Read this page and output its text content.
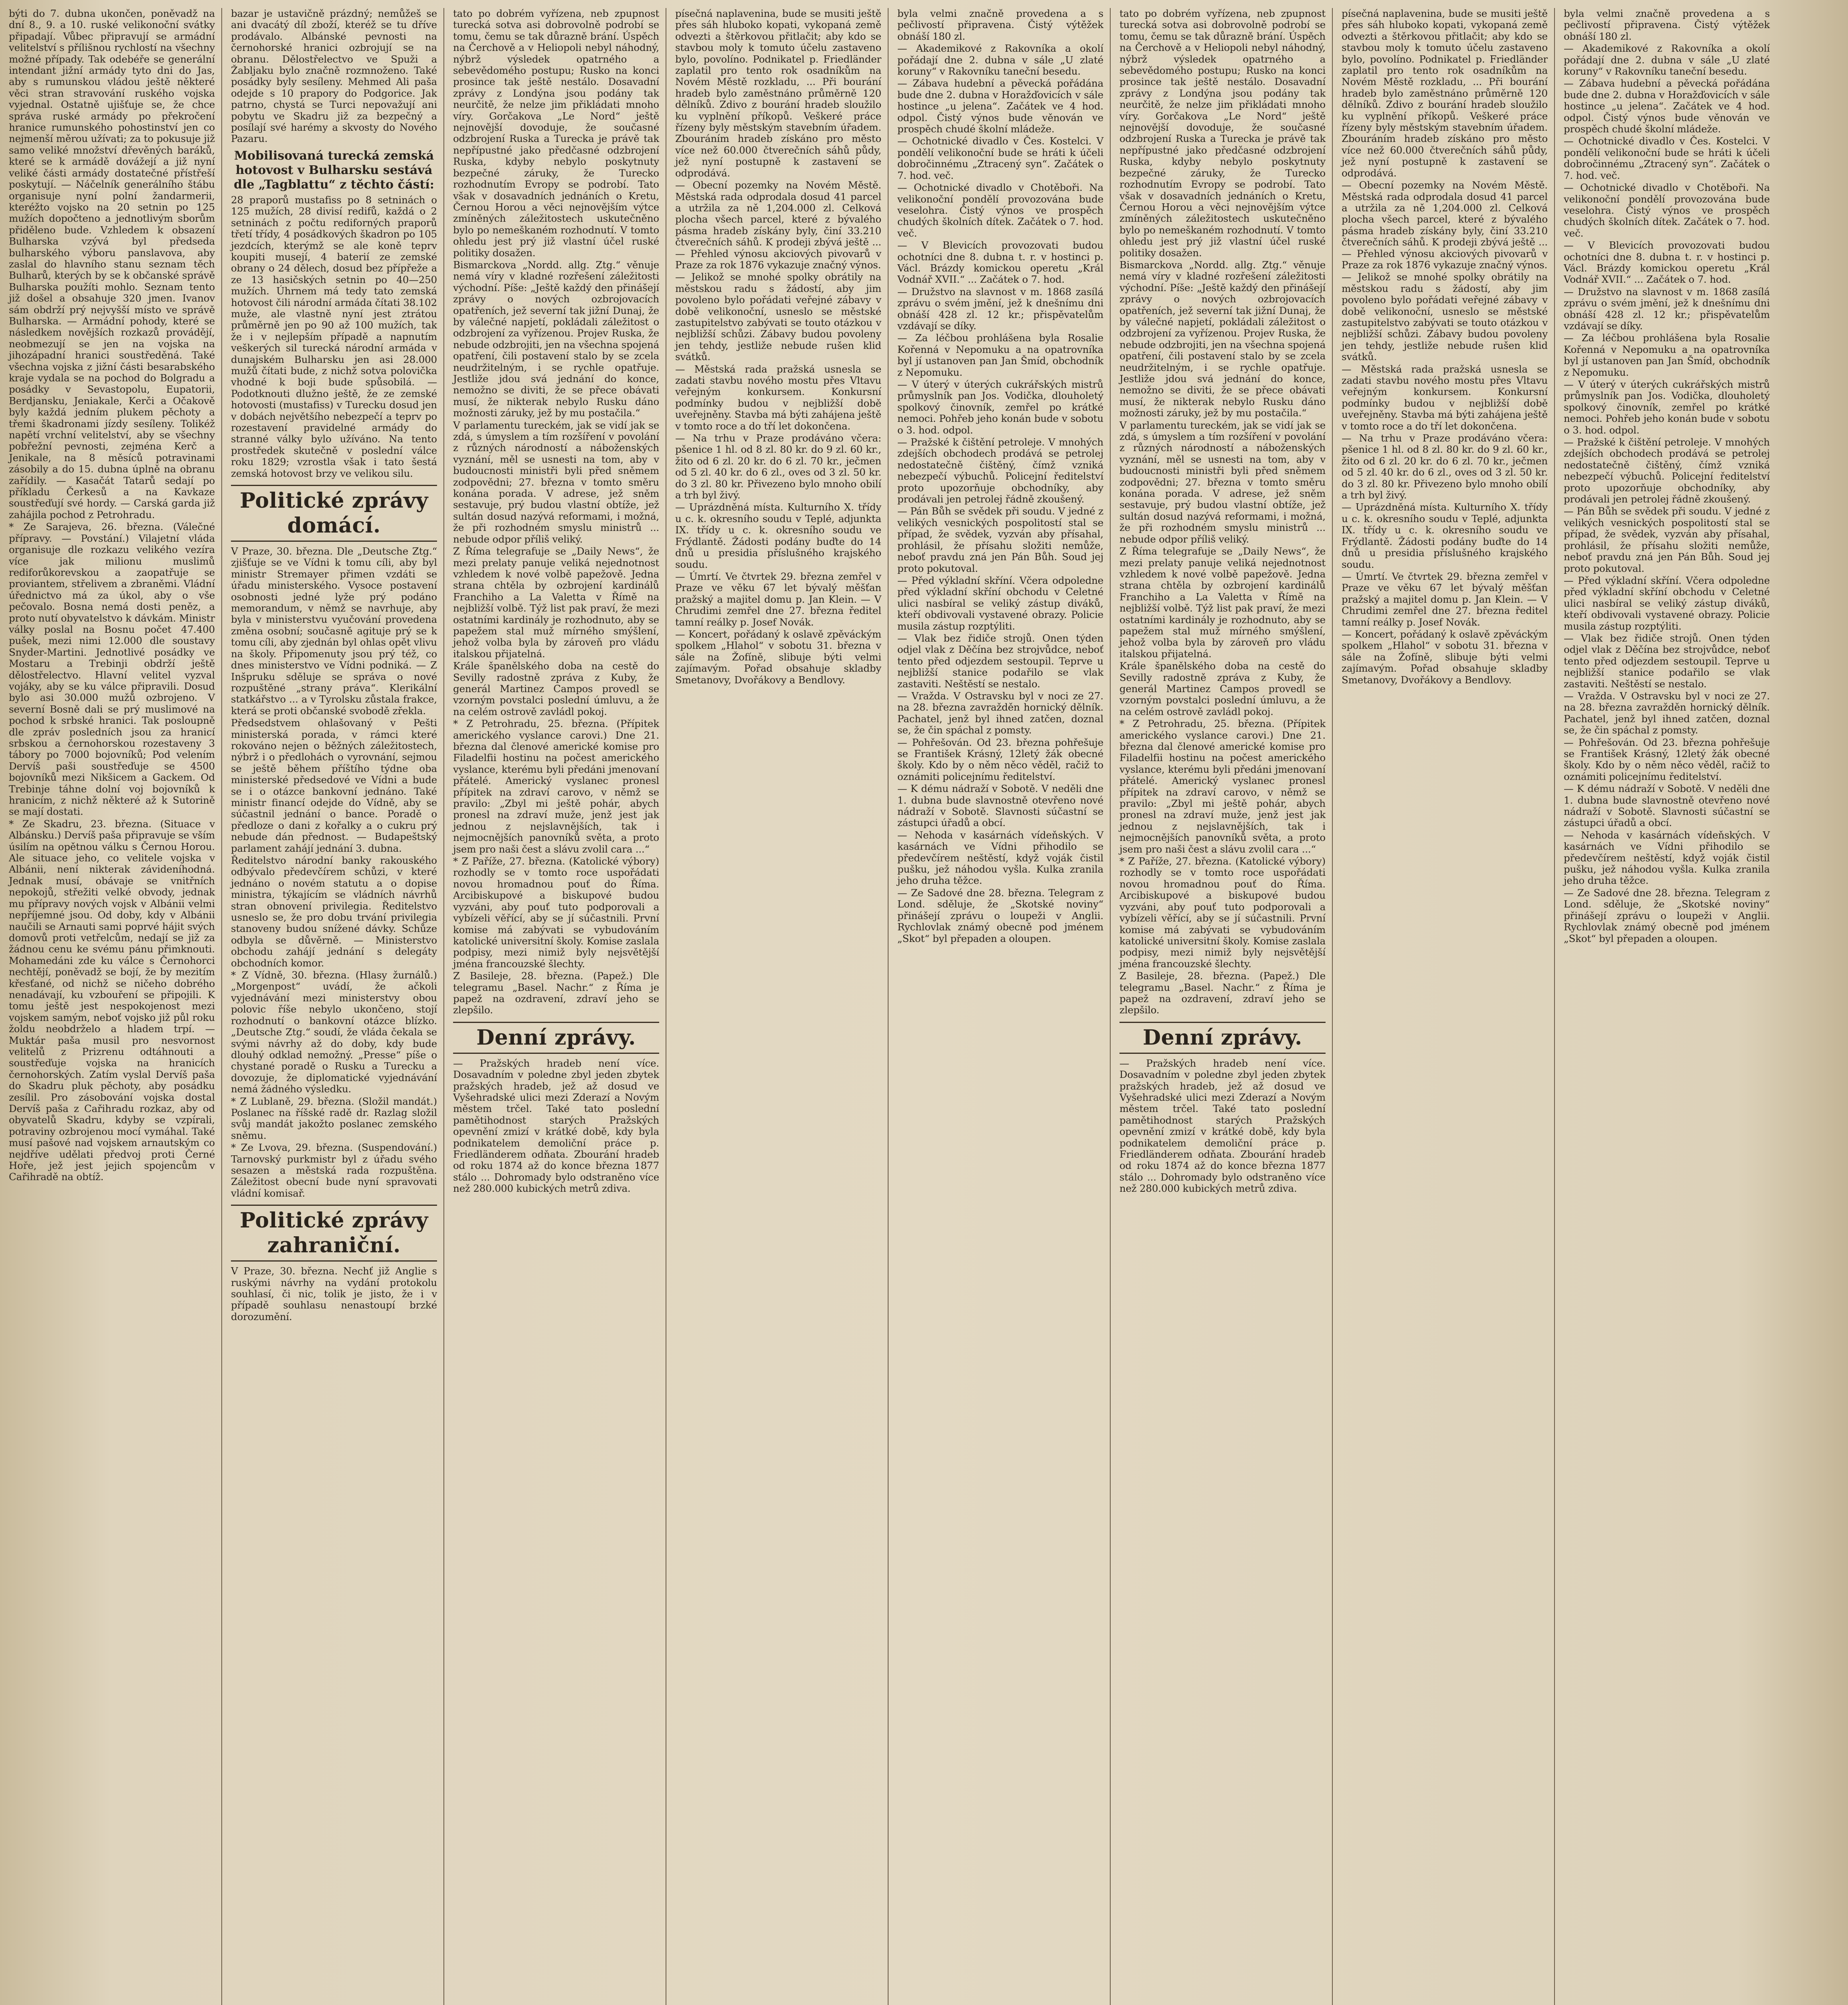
býti do 7. dubna ukončen, poněvadž na dní 8., 9. a 10. ruské velikonoční svátky připadají. Vůbec připravují se armádní velitelství s přílišnou rychlostí na všechny možné případy. Tak odebéře se generální intendant jižní armády tyto dni do Jas, aby s rumunskou vládou ještě některé věci stran stravování ruského vojska vyjednal. Ostatně ujišťuje se, že chce správa ruské armády po překročení hranice rumunského pohostinství jen co nejmenší měrou užívati; za to pokusuje již samo veliké množství dřevěných baráků, které se k armádě dovážejí a již nyní veliké části armády dostatečné přístřeší poskytují. — Náčelník generálního štábu organisuje nyní polní žandarmerii, kteréžto vojsko na 20 setnin po 125 mužích dopočteno a jednotlivým sborům přiděleno bude. Vzhledem k obsazení Bulharska vzývá byl předseda bulharského výboru panslavova, aby zaslal do hlavního stanu seznam těch Bulharů, kterých by se k občanské správě Bulharska použíti mohlo. Seznam tento již došel a obsahuje 320 jmen. Ivanov sám obdrží prý nejvyšší místo ve správě Bulharska. — Armádní pohody, které se následkem novějších rozkazů provádějí, neobmezují se jen na vojska na jihozápadní hranici soustředěná. Také všechna vojska z jižní části besarabského kraje vydala se na pochod do Bolgradu a posádky v Sevastopolu, Eupatorii, Berdjansku, Jeniakale, Kerči a Očakově byly každá jedním plukem pěchoty a třemi škadronami jízdy sesíleny. Tolikéž napětí vrchní velitelství, aby se všechny pobřežní pevnosti, zejména Kerč a Jenikale, na 8 měsíců potravinami zásobily a do 15. dubna úplně na obranu zařídily. — Kasačát Tatarů sedají po příkladu Čerkesů a na Kavkaze soustřeďují své hordy. — Carská garda již zahájila pochod z Petrohradu.

* Ze Sarajeva, 26. března. (Válečné přípravy. — Povstání.) Vilajetní vláda organisuje dle rozkazu velikého vezíra více jak milionu muslimů rediforůkorevskou a zaopatřuje se proviantem, střelivem a zbraněmi. Vládní úřednictvo má za úkol, aby o vše pečovalo. Bosna nemá dosti peněz, a proto nutí obyvatelstvo k dávkám. Ministr války poslal na Bosnu počet 47.400 pušek, mezi nimi 12.000 dle soustavy Snyder-Martini. Jednotlivé posádky ve Mostaru a Trebinji obdrží ještě dělostřelectvo. Hlavní velitel vyzval vojáky, aby se ku válce připravili. Dosud bylo asi 30.000 mužů ozbrojeno. V severní Bosně dali se prý muslimové na pochod k srbské hranici. Tak posloupně dle zpráv posledních jsou za hranicí srbskou a černohorskou rozestaveny 3 tábory po 7000 bojovníků; Pod velením Dervíš paši soustřeďuje se 4500 bojovníků mezi Nikšicem a Gackem. Od Trebinje táhne dolní voj bojovníků k hranicím, z nichž některé až k Sutorině se mají dostati.

* Ze Skadru, 23. března. (Situace v Albánsku.) Dervíš paša připravuje se vším úsilím na opětnou válku s Černou Horou. Ale situace jeho, co velitele vojska v Albánii, není nikterak závideníhodná. Jednak musí, obávaje se vnitřních nepokojů, střežiti velké obvody, jednak mu přípravy nových vojsk v Albánii velmi nepříjemné jsou. Od doby, kdy v Albánii naučili se Arnauti sami poprvé hájit svých domovů proti vetřelcům, nedají se již za žádnou cenu ke svému pánu přimknouti. Mohamedáni zde ku válce s Černohorci nechtějí, poněvadž se bojí, že by mezitím křesťané, od nichž se ničeho dobrého nenadávají, ku vzbouření se připojili. K tomu ještě jest nespokojenost mezi vojskem samým, neboť vojsko již půl roku žoldu neobdrželo a hladem trpí. — Muktár paša musil pro nesvornost velitelů z Prizrenu odtáhnouti a soustřeďuje vojska na hranicích černohorských. Zatím vyslal Dervíš paša do Skadru pluk pěchoty, aby posádku zesílil. Pro zásobování vojska dostal Dervíš paša z Cařihradu rozkaz, aby od obyvatelů Skadru, kdyby se vzpírali, potraviny ozbrojenou mocí vymáhal. Také musí pašové nad vojskem arnautským co nejdříve udělati předvoj proti Černé Hoře, jež jest jejich spojencům v Cařihradě na obtíž.

bazar je ustavičně prázdný; nemůžeš se ani dvacátý díl zboží, kteréž se tu dříve prodávalo. Albánské pevnosti na černohorské hranici ozbrojují se na obranu. Dělostřelectvo ve Spuži a Žabljaku bylo značně rozmnoženo. Také posádky byly sesíleny. Mehmed Ali paša odejde s 10 prapory do Podgorice. Jak patrno, chystá se Turci nepovažují ani pobytu ve Skadru již za bezpečný a posílají své harémy a skvosty do Nového Pazaru.

Mobilisovaná turecká zemská hotovost v Bulharsku sestává dle „Tagblattu“ z těchto částí:

28 praporů mustafiss po 8 setninách o 125 mužích, 28 divisí redifů, každá o 2 setninách z počtu rediforných praporů třetí třídy, 4 posádkových škadron po 105 jezdcích, kterýmž se ale koně teprv koupiti musejí, 4 baterií ze zemské obrany o 24 dělech, dosud bez přípřeže a ze 13 hasičských setnin po 40—250 mužích. Úhrnem má tedy tato zemská hotovost čili národní armáda čítati 38.102 muže, ale vlastně nyní jest ztrátou průměrně jen po 90 až 100 mužích, tak že i v nejlepším případě a napnutím veškerých sil turecká národní armáda v dunajském Bulharsku jen asi 28.000 mužů čítati bude, z nichž sotva polovička vhodné k boji bude spůsobilá. — Podotknouti dlužno ještě, že ze zemské hotovosti (mustafiss) v Turecku dosud jen v dobách největšího nebezpečí a teprv po rozestavení pravidelné armády do stranné války bylo užíváno. Na tento prostředek skutečně v poslední válce roku 1829; vzrostla však i tato šestá zemská hotovost brzy ve velikou silu.

Politické zprávy domácí.

V Praze, 30. března. Dle „Deutsche Ztg.“ zjišťuje se ve Vídni k tomu cíli, aby byl ministr Stremayer přimen vzdáti se úřadu ministerského. Vysoce postavení osobnosti jedné lyže prý podáno memorandum, v němž se navrhuje, aby byla v ministerstvu vyučování provedena změna osobní; současně agituje prý se k tomu cíli, aby zjednán byl ohlas opět vlivu na školy. Připomenuty jsou prý též, co dnes ministerstvo ve Vídni podniká. — Z Inšpruku sděluje se správa o nové rozpuštěné „strany práva“. Klerikální statkářstvo ... a v Tyrolsku zůstala frakce, která se proti občanské svobodě zřekla.

Předsedstvem ohlašovaný v Pešti ministerská porada, v rámci které rokováno nejen o běžných záležitostech, nýbrž i o předlohách o vyrovnání, sejmou se ještě během příštího týdne oba ministerské předsedové ve Vídni a bude se i o otázce bankovní jednáno. Také ministr financí odejde do Vídně, aby se súčastnil jednání o bance. Poradě o předloze o dani z kořalky a o cukru prý nebude dán přednost. — Budapeštský parlament zahájí jednání 3. dubna.

Ředitelstvo národní banky rakouského odbývalo předevčírem schůzi, v které jednáno o novém statutu a o dopise ministra, týkajícím se vládních návrhů stran obnovení privilegia. Ředitelstvo usneslo se, že pro dobu trvání privilegia stanoveny budou snížené dávky. Schůze odbyla se důvěrně. — Ministerstvo obchodu zahájí jednání s delegáty obchodních komor.

* Z Vídně, 30. března. (Hlasy žurnálů.) „Morgenpost“ uvádí, že ačkoli vyjednávání mezi ministerstvy obou polovic říše nebylo ukončeno, stojí rozhodnutí o bankovní otázce blízko. „Deutsche Ztg.“ soudí, že vláda čekala se svými návrhy až do doby, kdy bude dlouhý odklad nemožný. „Presse“ píše o chystané poradě o Rusku a Turecku a dovozuje, že diplomatické vyjednávání nemá žádného výsledku.

* Z Lublaně, 29. března. (Složil mandát.) Poslanec na říšské radě dr. Razlag složil svůj mandát jakožto poslanec zemského sněmu.

* Ze Lvova, 29. března. (Suspendování.) Tarnovský purkmistr byl z úřadu svého sesazen a městská rada rozpuštěna. Záležitost obecní bude nyní spravovati vládní komisař.

Politické zprávy zahraniční.

V Praze, 30. března. Nechť již Anglie s ruskými návrhy na vydání protokolu souhlasí, či nic, tolik je jisto, že i v případě souhlasu nenastoupí brzké dorozumění.

tato po dobrém vyřízena, neb zpupnost turecká sotva asi dobrovolně podrobí se tomu, čemu se tak důrazně brání. Úspěch na Čerchově a v Heliopoli nebyl náhodný, nýbrž výsledek opatrného a sebevědomého postupu; Rusko na konci prosince tak ještě nestálo. Dosavadní zprávy z Londýna jsou podány tak neurčitě, že nelze jim přikládati mnoho víry. Gorčakova „Le Nord“ ještě nejnovější dovoduje, že současné odzbrojení Ruska a Turecka je právě tak nepřípustné jako předčasné odzbrojení Ruska, kdyby nebylo poskytnuty bezpečné záruky, že Turecko rozhodnutím Evropy se podrobí. Tato však v dosavadních jednáních o Kretu, Černou Horou a věci nejnovějším výtce zmíněných záležitostech uskutečněno bylo po nemeškaném rozhodnutí. V tomto ohledu jest prý již vlastní účel ruské politiky dosažen.

Bismarckova „Nordd. allg. Ztg.“ věnuje nemá víry v kladné rozřešení záležitosti východní. Píše: „Ještě každý den přinášejí zprávy o nových ozbrojovacích opatřeních, jež severní tak jižní Dunaj, že by válečné napjetí, pokládali záležitost o odzbrojení za vyřízenou. Projev Ruska, že nebude odzbrojiti, jen na všechna spojená opatření, čili postavení stalo by se zcela neudržitelným, i se rychle opatřuje. Jestliže jdou svá jednání do konce, nemožno se diviti, že se přece obávati musí, že nikterak nebylo Rusku dáno možnosti záruky, jež by mu postačila.“

V parlamentu tureckém, jak se vidí jak se zdá, s úmyslem a tím rozšíření v povolání z různých národností a náboženských vyznání, měl se usnesti na tom, aby v budoucnosti ministři byli před sněmem zodpovědni; 27. března v tomto směru konána porada. V adrese, jež sněm sestavuje, prý budou vlastní obtíže, jež sultán dosud nazývá reformami, i možná, že při rozhodném smyslu ministrů ... nebude odpor příliš veliký.

Z Říma telegrafuje se „Daily News“, že mezi prelaty panuje veliká nejednotnost vzhledem k nové volbě papežově. Jedna strana chtěla by ozbrojení kardinálů Franchiho a La Valetta v Římě na nejbližší volbě. Týž list pak praví, že mezi ostatními kardinály je rozhodnuto, aby se papežem stal muž mírného smýšlení, jehož volba byla by zároveň pro vládu italskou přijatelná.

Krále španělského doba na cestě do Sevilly radostně zpráva z Kuby, že generál Martinez Campos provedl se vzorným povstalci poslední úmluvu, a že na celém ostrově zavládl pokoj.

* Z Petrohradu, 25. března. (Přípitek amerického vyslance carovi.) Dne 21. března dal členové americké komise pro Filadelfii hostinu na počest amerického vyslance, kterému byli předáni jmenovaní přátelé. Americký vyslanec pronesl přípitek na zdraví carovo, v němž se pravilo: „Zbyl mi ještě pohár, abych pronesl na zdraví muže, jenž jest jak jednou z nejslavnějších, tak i nejmocnějších panovníků světa, a proto jsem pro naši čest a slávu zvolil cara ...“

* Z Paříže, 27. března. (Katolické výbory) rozhodly se v tomto roce uspořádati novou hromadnou pouť do Říma. Arcibiskupové a biskupové budou vyzváni, aby pouť tuto podporovali a vybízeli věřící, aby se jí súčastnili. První komise má zabývati se vybudováním katolické universitní školy. Komise zaslala podpisy, mezi nimiž byly nejsvětější jména francouzské šlechty.

Z Basileje, 28. března. (Papež.) Dle telegramu „Basel. Nachr.“ z Říma je papež na ozdravení, zdraví jeho se zlepšilo.

Denní zprávy.

— Pražských hradeb není více. Dosavadním v poledne zbyl jeden zbytek pražských hradeb, jež až dosud ve Vyšehradské ulici mezi Zderazí a Novým městem trčel. Také tato poslední pamětihodnost starých Pražských opevnění zmizí v krátké době, kdy byla podnikatelem demoliční práce p. Friedländerem odňata. Zbourání hradeb od roku 1874 až do konce března 1877 stálo ... Dohromady bylo odstraněno více než 280.000 kubických metrů zdiva.

písečná naplavenina, bude se musiti ještě přes sáh hluboko kopati, vykopaná země odvezti a štěrkovou přitlačit; aby kdo se stavbou moly k tomuto účelu zastaveno bylo, povolíno. Podnikatel p. Friedländer zaplatil pro tento rok osadníkům na Novém Městě rozkladu, ... Při bourání hradeb bylo zaměstnáno průměrně 120 dělníků. Zdivo z bourání hradeb sloužilo ku vyplnění příkopů. Veškeré práce řízeny byly městským stavebním úřadem. Zbouráním hradeb získáno pro město více než 60.000 čtverečních sáhů půdy, jež nyní postupně k zastavení se odprodává.

— Obecní pozemky na Novém Městě. Městská rada odprodala dosud 41 parcel a utržila za ně 1,204.000 zl. Celková plocha všech parcel, které z bývalého pásma hradeb získány byly, činí 33.210 čtverečních sáhů. K prodeji zbývá ještě ... — Přehled výnosu akciových pivovarů v Praze za rok 1876 vykazuje značný výnos.

— Jelikož se mnohé spolky obrátily na městskou radu s žádostí, aby jim povoleno bylo pořádati veřejné zábavy v době velikonoční, usneslo se městské zastupitelstvo zabývati se touto otázkou v nejbližší schůzi. Zábavy budou povoleny jen tehdy, jestliže nebude rušen klid svátků.

— Městská rada pražská usnesla se zadati stavbu nového mostu přes Vltavu veřejným konkursem. Konkursní podmínky budou v nejbližší době uveřejněny. Stavba má býti zahájena ještě v tomto roce a do tří let dokončena.

— Na trhu v Praze prodáváno včera: pšenice 1 hl. od 8 zl. 80 kr. do 9 zl. 60 kr., žito od 6 zl. 20 kr. do 6 zl. 70 kr., ječmen od 5 zl. 40 kr. do 6 zl., oves od 3 zl. 50 kr. do 3 zl. 80 kr. Přivezeno bylo mnoho obilí a trh byl živý.

— Uprázdněná místa. Kulturního X. třídy u c. k. okresního soudu v Teplé, adjunkta IX. třídy u c. k. okresního soudu ve Frýdlantě. Žádosti podány buďte do 14 dnů u presidia příslušného krajského soudu.

— Úmrtí. Ve čtvrtek 29. března zemřel v Praze ve věku 67 let bývalý měšťan pražský a majitel domu p. Jan Klein. — V Chrudimi zemřel dne 27. března ředitel tamní reálky p. Josef Novák.

— Koncert, pořádaný k oslavě zpěváckým spolkem „Hlahol“ v sobotu 31. března v sále na Žofíně, slibuje býti velmi zajímavým. Pořad obsahuje skladby Smetanovy, Dvořákovy a Bendlovy.

byla velmi značně provedena a s pečlivostí připravena. Čistý výtěžek obnáší 180 zl.

— Akademikové z Rakovníka a okolí pořádají dne 2. dubna v sále „U zlaté koruny“ v Rakovníku taneční besedu.

— Zábava hudební a pěvecká pořádána bude dne 2. dubna v Horažďovicích v sále hostince „u jelena“. Začátek ve 4 hod. odpol. Čistý výnos bude věnován ve prospěch chudé školní mládeže.

— Ochotnické divadlo v Čes. Kostelci. V pondělí velikonoční bude se hráti k účeli dobročinnému „Ztracený syn“. Začátek o 7. hod. več.

— Ochotnické divadlo v Chotěboři. Na velikonoční pondělí provozována bude veselohra. Čistý výnos ve prospěch chudých školních dítek. Začátek o 7. hod. več.

— V Blevicích provozovati budou ochotníci dne 8. dubna t. r. v hostinci p. Václ. Brázdy komickou operetu „Král Vodnář XVII.“ ... Začátek o 7. hod.

— Družstvo na slavnost v m. 1868 zasílá zprávu o svém jmění, jež k dnešnímu dni obnáší 428 zl. 12 kr.; přispěvatelům vzdávají se díky.

— Za léčbou prohlášena byla Rosalie Kořenná v Nepomuku a na opatrovníka byl jí ustanoven pan Jan Šmíd, obchodník z Nepomuku.

— V úterý v úterých cukrářských mistrů průmyslník pan Jos. Vodička, dlouholetý spolkový činovník, zemřel po krátké nemoci. Pohřeb jeho konán bude v sobotu o 3. hod. odpol.

— Pražské k čištění petroleje. V mnohých zdejších obchodech prodává se petrolej nedostatečně čištěný, čímž vzniká nebezpečí výbuchů. Policejní ředitelství proto upozorňuje obchodníky, aby prodávali jen petrolej řádně zkoušený.

— Pán Bůh se svědek při soudu. V jedné z velikých vesnických pospolitostí stal se případ, že svědek, vyzván aby přísahal, prohlásil, že přísahu složiti nemůže, neboť pravdu zná jen Pán Bůh. Soud jej proto pokutoval.

— Před výkladní skříní. Včera odpoledne před výkladní skříní obchodu v Celetné ulici nasbíral se veliký zástup diváků, kteří obdivovali vystavené obrazy. Policie musila zástup rozptýliti.

— Vlak bez řidiče strojů. Onen týden odjel vlak z Děčína bez strojvůdce, neboť tento před odjezdem sestoupil. Teprve u nejbližší stanice podařilo se vlak zastaviti. Neštěstí se nestalo.

— Vražda. V Ostravsku byl v noci ze 27. na 28. března zavražděn hornický dělník. Pachatel, jenž byl ihned zatčen, doznal se, že čin spáchal z pomsty.

— Pohřešován. Od 23. března pohřešuje se František Krásný, 12letý žák obecné školy. Kdo by o něm něco věděl, račiž to oznámiti policejnímu ředitelství.

— K dému nádraží v Sobotě. V neděli dne 1. dubna bude slavnostně otevřeno nové nádraží v Sobotě. Slavnosti súčastní se zástupci úřadů a obcí.

— Nehoda v kasárnách vídeňských. V kasárnách ve Vídni přihodilo se předevčírem neštěstí, když voják čistil pušku, jež náhodou vyšla. Kulka zranila jeho druha těžce.

— Ze Sadové dne 28. března. Telegram z Lond. sděluje, že „Skotské noviny“ přinášejí zprávu o loupeži v Anglii. Rychlovlak známý obecně pod jménem „Skot“ byl přepaden a oloupen.

tato po dobrém vyřízena, neb zpupnost turecká sotva asi dobrovolně podrobí se tomu, čemu se tak důrazně brání. Úspěch na Čerchově a v Heliopoli nebyl náhodný, nýbrž výsledek opatrného a sebevědomého postupu; Rusko na konci prosince tak ještě nestálo. Dosavadní zprávy z Londýna jsou podány tak neurčitě, že nelze jim přikládati mnoho víry. Gorčakova „Le Nord“ ještě nejnovější dovoduje, že současné odzbrojení Ruska a Turecka je právě tak nepřípustné jako předčasné odzbrojení Ruska, kdyby nebylo poskytnuty bezpečné záruky, že Turecko rozhodnutím Evropy se podrobí. Tato však v dosavadních jednáních o Kretu, Černou Horou a věci nejnovějším výtce zmíněných záležitostech uskutečněno bylo po nemeškaném rozhodnutí. V tomto ohledu jest prý již vlastní účel ruské politiky dosažen.

Bismarckova „Nordd. allg. Ztg.“ věnuje nemá víry v kladné rozřešení záležitosti východní. Píše: „Ještě každý den přinášejí zprávy o nových ozbrojovacích opatřeních, jež severní tak jižní Dunaj, že by válečné napjetí, pokládali záležitost o odzbrojení za vyřízenou. Projev Ruska, že nebude odzbrojiti, jen na všechna spojená opatření, čili postavení stalo by se zcela neudržitelným, i se rychle opatřuje. Jestliže jdou svá jednání do konce, nemožno se diviti, že se přece obávati musí, že nikterak nebylo Rusku dáno možnosti záruky, jež by mu postačila.“

V parlamentu tureckém, jak se vidí jak se zdá, s úmyslem a tím rozšíření v povolání z různých národností a náboženských vyznání, měl se usnesti na tom, aby v budoucnosti ministři byli před sněmem zodpovědni; 27. března v tomto směru konána porada. V adrese, jež sněm sestavuje, prý budou vlastní obtíže, jež sultán dosud nazývá reformami, i možná, že při rozhodném smyslu ministrů ... nebude odpor příliš veliký.

Z Říma telegrafuje se „Daily News“, že mezi prelaty panuje veliká nejednotnost vzhledem k nové volbě papežově. Jedna strana chtěla by ozbrojení kardinálů Franchiho a La Valetta v Římě na nejbližší volbě. Týž list pak praví, že mezi ostatními kardinály je rozhodnuto, aby se papežem stal muž mírného smýšlení, jehož volba byla by zároveň pro vládu italskou přijatelná.

Krále španělského doba na cestě do Sevilly radostně zpráva z Kuby, že generál Martinez Campos provedl se vzorným povstalci poslední úmluvu, a že na celém ostrově zavládl pokoj.

* Z Petrohradu, 25. března. (Přípitek amerického vyslance carovi.) Dne 21. března dal členové americké komise pro Filadelfii hostinu na počest amerického vyslance, kterému byli předáni jmenovaní přátelé. Americký vyslanec pronesl přípitek na zdraví carovo, v němž se pravilo: „Zbyl mi ještě pohár, abych pronesl na zdraví muže, jenž jest jak jednou z nejslavnějších, tak i nejmocnějších panovníků světa, a proto jsem pro naši čest a slávu zvolil cara ...“

* Z Paříže, 27. března. (Katolické výbory) rozhodly se v tomto roce uspořádati novou hromadnou pouť do Říma. Arcibiskupové a biskupové budou vyzváni, aby pouť tuto podporovali a vybízeli věřící, aby se jí súčastnili. První komise má zabývati se vybudováním katolické universitní školy. Komise zaslala podpisy, mezi nimiž byly nejsvětější jména francouzské šlechty.

Z Basileje, 28. března. (Papež.) Dle telegramu „Basel. Nachr.“ z Říma je papež na ozdravení, zdraví jeho se zlepšilo.

Denní zprávy.

— Pražských hradeb není více. Dosavadním v poledne zbyl jeden zbytek pražských hradeb, jež až dosud ve Vyšehradské ulici mezi Zderazí a Novým městem trčel. Také tato poslední pamětihodnost starých Pražských opevnění zmizí v krátké době, kdy byla podnikatelem demoliční práce p. Friedländerem odňata. Zbourání hradeb od roku 1874 až do konce března 1877 stálo ... Dohromady bylo odstraněno více než 280.000 kubických metrů zdiva.

písečná naplavenina, bude se musiti ještě přes sáh hluboko kopati, vykopaná země odvezti a štěrkovou přitlačit; aby kdo se stavbou moly k tomuto účelu zastaveno bylo, povolíno. Podnikatel p. Friedländer zaplatil pro tento rok osadníkům na Novém Městě rozkladu, ... Při bourání hradeb bylo zaměstnáno průměrně 120 dělníků. Zdivo z bourání hradeb sloužilo ku vyplnění příkopů. Veškeré práce řízeny byly městským stavebním úřadem. Zbouráním hradeb získáno pro město více než 60.000 čtverečních sáhů půdy, jež nyní postupně k zastavení se odprodává.

— Obecní pozemky na Novém Městě. Městská rada odprodala dosud 41 parcel a utržila za ně 1,204.000 zl. Celková plocha všech parcel, které z bývalého pásma hradeb získány byly, činí 33.210 čtverečních sáhů. K prodeji zbývá ještě ... — Přehled výnosu akciových pivovarů v Praze za rok 1876 vykazuje značný výnos.

— Jelikož se mnohé spolky obrátily na městskou radu s žádostí, aby jim povoleno bylo pořádati veřejné zábavy v době velikonoční, usneslo se městské zastupitelstvo zabývati se touto otázkou v nejbližší schůzi. Zábavy budou povoleny jen tehdy, jestliže nebude rušen klid svátků.

— Městská rada pražská usnesla se zadati stavbu nového mostu přes Vltavu veřejným konkursem. Konkursní podmínky budou v nejbližší době uveřejněny. Stavba má býti zahájena ještě v tomto roce a do tří let dokončena.

— Na trhu v Praze prodáváno včera: pšenice 1 hl. od 8 zl. 80 kr. do 9 zl. 60 kr., žito od 6 zl. 20 kr. do 6 zl. 70 kr., ječmen od 5 zl. 40 kr. do 6 zl., oves od 3 zl. 50 kr. do 3 zl. 80 kr. Přivezeno bylo mnoho obilí a trh byl živý.

— Uprázdněná místa. Kulturního X. třídy u c. k. okresního soudu v Teplé, adjunkta IX. třídy u c. k. okresního soudu ve Frýdlantě. Žádosti podány buďte do 14 dnů u presidia příslušného krajského soudu.

— Úmrtí. Ve čtvrtek 29. března zemřel v Praze ve věku 67 let bývalý měšťan pražský a majitel domu p. Jan Klein. — V Chrudimi zemřel dne 27. března ředitel tamní reálky p. Josef Novák.

— Koncert, pořádaný k oslavě zpěváckým spolkem „Hlahol“ v sobotu 31. března v sále na Žofíně, slibuje býti velmi zajímavým. Pořad obsahuje skladby Smetanovy, Dvořákovy a Bendlovy.

byla velmi značně provedena a s pečlivostí připravena. Čistý výtěžek obnáší 180 zl.

— Akademikové z Rakovníka a okolí pořádají dne 2. dubna v sále „U zlaté koruny“ v Rakovníku taneční besedu.

— Zábava hudební a pěvecká pořádána bude dne 2. dubna v Horažďovicích v sále hostince „u jelena“. Začátek ve 4 hod. odpol. Čistý výnos bude věnován ve prospěch chudé školní mládeže.

— Ochotnické divadlo v Čes. Kostelci. V pondělí velikonoční bude se hráti k účeli dobročinnému „Ztracený syn“. Začátek o 7. hod. več.

— Ochotnické divadlo v Chotěboři. Na velikonoční pondělí provozována bude veselohra. Čistý výnos ve prospěch chudých školních dítek. Začátek o 7. hod. več.

— V Blevicích provozovati budou ochotníci dne 8. dubna t. r. v hostinci p. Václ. Brázdy komickou operetu „Král Vodnář XVII.“ ... Začátek o 7. hod.

— Družstvo na slavnost v m. 1868 zasílá zprávu o svém jmění, jež k dnešnímu dni obnáší 428 zl. 12 kr.; přispěvatelům vzdávají se díky.

— Za léčbou prohlášena byla Rosalie Kořenná v Nepomuku a na opatrovníka byl jí ustanoven pan Jan Šmíd, obchodník z Nepomuku.

— V úterý v úterých cukrářských mistrů průmyslník pan Jos. Vodička, dlouholetý spolkový činovník, zemřel po krátké nemoci. Pohřeb jeho konán bude v sobotu o 3. hod. odpol.

— Pražské k čištění petroleje. V mnohých zdejších obchodech prodává se petrolej nedostatečně čištěný, čímž vzniká nebezpečí výbuchů. Policejní ředitelství proto upozorňuje obchodníky, aby prodávali jen petrolej řádně zkoušený.

— Pán Bůh se svědek při soudu. V jedné z velikých vesnických pospolitostí stal se případ, že svědek, vyzván aby přísahal, prohlásil, že přísahu složiti nemůže, neboť pravdu zná jen Pán Bůh. Soud jej proto pokutoval.

— Před výkladní skříní. Včera odpoledne před výkladní skříní obchodu v Celetné ulici nasbíral se veliký zástup diváků, kteří obdivovali vystavené obrazy. Policie musila zástup rozptýliti.

— Vlak bez řidiče strojů. Onen týden odjel vlak z Děčína bez strojvůdce, neboť tento před odjezdem sestoupil. Teprve u nejbližší stanice podařilo se vlak zastaviti. Neštěstí se nestalo.

— Vražda. V Ostravsku byl v noci ze 27. na 28. března zavražděn hornický dělník. Pachatel, jenž byl ihned zatčen, doznal se, že čin spáchal z pomsty.

— Pohřešován. Od 23. března pohřešuje se František Krásný, 12letý žák obecné školy. Kdo by o něm něco věděl, račiž to oznámiti policejnímu ředitelství.

— K dému nádraží v Sobotě. V neděli dne 1. dubna bude slavnostně otevřeno nové nádraží v Sobotě. Slavnosti súčastní se zástupci úřadů a obcí.

— Nehoda v kasárnách vídeňských. V kasárnách ve Vídni přihodilo se předevčírem neštěstí, když voják čistil pušku, jež náhodou vyšla. Kulka zranila jeho druha těžce.

— Ze Sadové dne 28. března. Telegram z Lond. sděluje, že „Skotské noviny“ přinášejí zprávu o loupeži v Anglii. Rychlovlak známý obecně pod jménem „Skot“ byl přepaden a oloupen.
